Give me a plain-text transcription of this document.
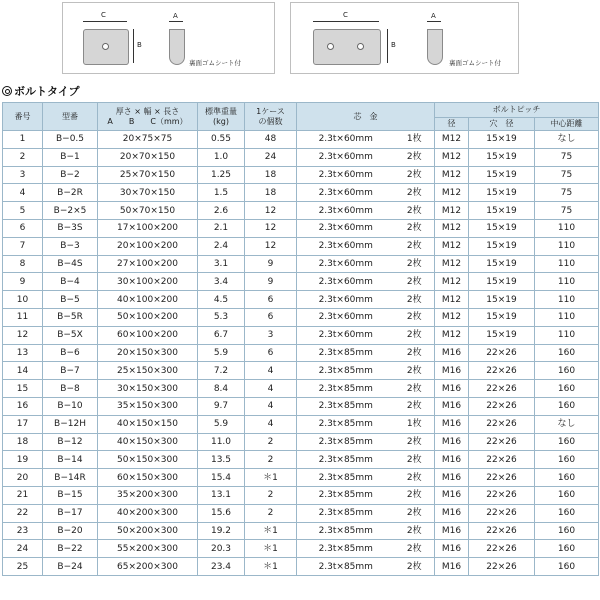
C
B
A
裏面ゴムシート付
C
B
A
裏面ゴムシート付
ボルトタイプ
番号	型番	厚さ × 幅 × 長さ
A　　B　　C（mm）	標準重量
(kg)	1ケース
の個数	芯　金		ボルトピッチ		
							径	穴　径	中心距離
1	B−0.5	20×75×75	0.55	48	2.3t×60mm	1枚	M12	15×19	なし
2	B−1	20×70×150	1.0	24	2.3t×60mm	2枚	M12	15×19	75
3	B−2	25×70×150	1.25	18	2.3t×60mm	2枚	M12	15×19	75
4	B−2R	30×70×150	1.5	18	2.3t×60mm	2枚	M12	15×19	75
5	B−2×5	50×70×150	2.6	12	2.3t×60mm	2枚	M12	15×19	75
6	B−3S	17×100×200	2.1	12	2.3t×60mm	2枚	M12	15×19	110
7	B−3	20×100×200	2.4	12	2.3t×60mm	2枚	M12	15×19	110
8	B−4S	27×100×200	3.1	9	2.3t×60mm	2枚	M12	15×19	110
9	B−4	30×100×200	3.4	9	2.3t×60mm	2枚	M12	15×19	110
10	B−5	40×100×200	4.5	6	2.3t×60mm	2枚	M12	15×19	110
11	B−5R	50×100×200	5.3	6	2.3t×60mm	2枚	M12	15×19	110
12	B−5X	60×100×200	6.7	3	2.3t×60mm	2枚	M12	15×19	110
13	B−6	20×150×300	5.9	6	2.3t×85mm	2枚	M16	22×26	160
14	B−7	25×150×300	7.2	4	2.3t×85mm	2枚	M16	22×26	160
15	B−8	30×150×300	8.4	4	2.3t×85mm	2枚	M16	22×26	160
16	B−10	35×150×300	9.7	4	2.3t×85mm	2枚	M16	22×26	160
17	B−12H	40×150×150	5.9	4	2.3t×85mm	1枚	M16	22×26	なし
18	B−12	40×150×300	11.0	2	2.3t×85mm	2枚	M16	22×26	160
19	B−14	50×150×300	13.5	2	2.3t×85mm	2枚	M16	22×26	160
20	B−14R	60×150×300	15.4	＊1	2.3t×85mm	2枚	M16	22×26	160
21	B−15	35×200×300	13.1	2	2.3t×85mm	2枚	M16	22×26	160
22	B−17	40×200×300	15.6	2	2.3t×85mm	2枚	M16	22×26	160
23	B−20	50×200×300	19.2	＊1	2.3t×85mm	2枚	M16	22×26	160
24	B−22	55×200×300	20.3	＊1	2.3t×85mm	2枚	M16	22×26	160
25	B−24	65×200×300	23.4	＊1	2.3t×85mm	2枚	M16	22×26	160
